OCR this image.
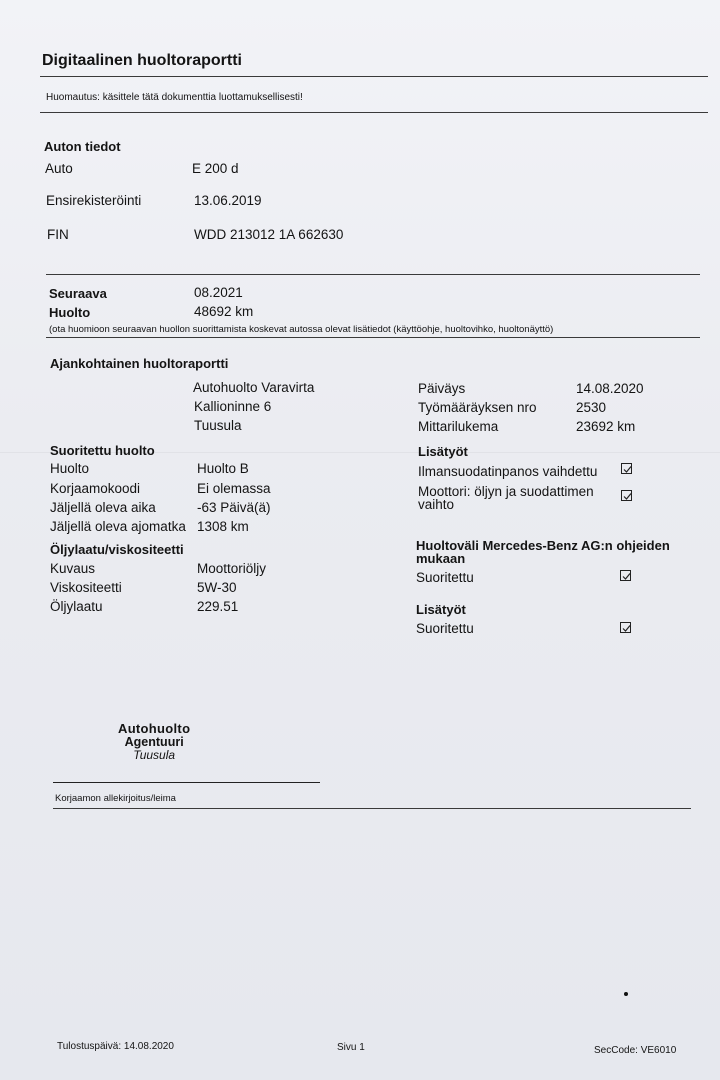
Digitaalinen huoltoraportti
Huomautus: käsittele tätä dokumenttia luottamuksellisesti!
Auton tiedot
Auto	E 200 d
Ensirekisteröinti	13.06.2019
FIN	WDD 213012 1A 662630
Seuraava	08.2021
Huolto	48692 km
(ota huomioon seuraavan huollon suorittamista koskevat autossa olevat lisätiedot (käyttöohje, huoltovihko, huoltonäyttö)
Ajankohtainen huoltoraportti
Autohuolto Varavirta
Kallioninne 6
Tuusula
Päiväys	14.08.2020
Työmääräyksen nro	2530
Mittarilukema	23692 km
Suoritettu huolto
Huolto	Huolto B
Korjaamokoodi	Ei olemassa
Jäljellä oleva aika	-63 Päivä(ä)
Jäljellä oleva ajomatka 1308 km
Öljylaatu/viskositeetti
Kuvaus	Moottoriöljy
Viskositeetti	5W-30
Öljylaatu	229.51
Lisätyöt
Ilmansuodatinpanos vaihdettu
Moottori: öljyn ja suodattimen
vaihto
Huoltoväli Mercedes-Benz AG:n ohjeiden
mukaan
Suoritettu
Lisätyöt
Suoritettu
Autohuolto
Agentuuri
Tuusula
Korjaamon allekirjoitus/leima
Tulostuspäivä: 14.08.2020	Sivu 1	SecCode: VE6010
